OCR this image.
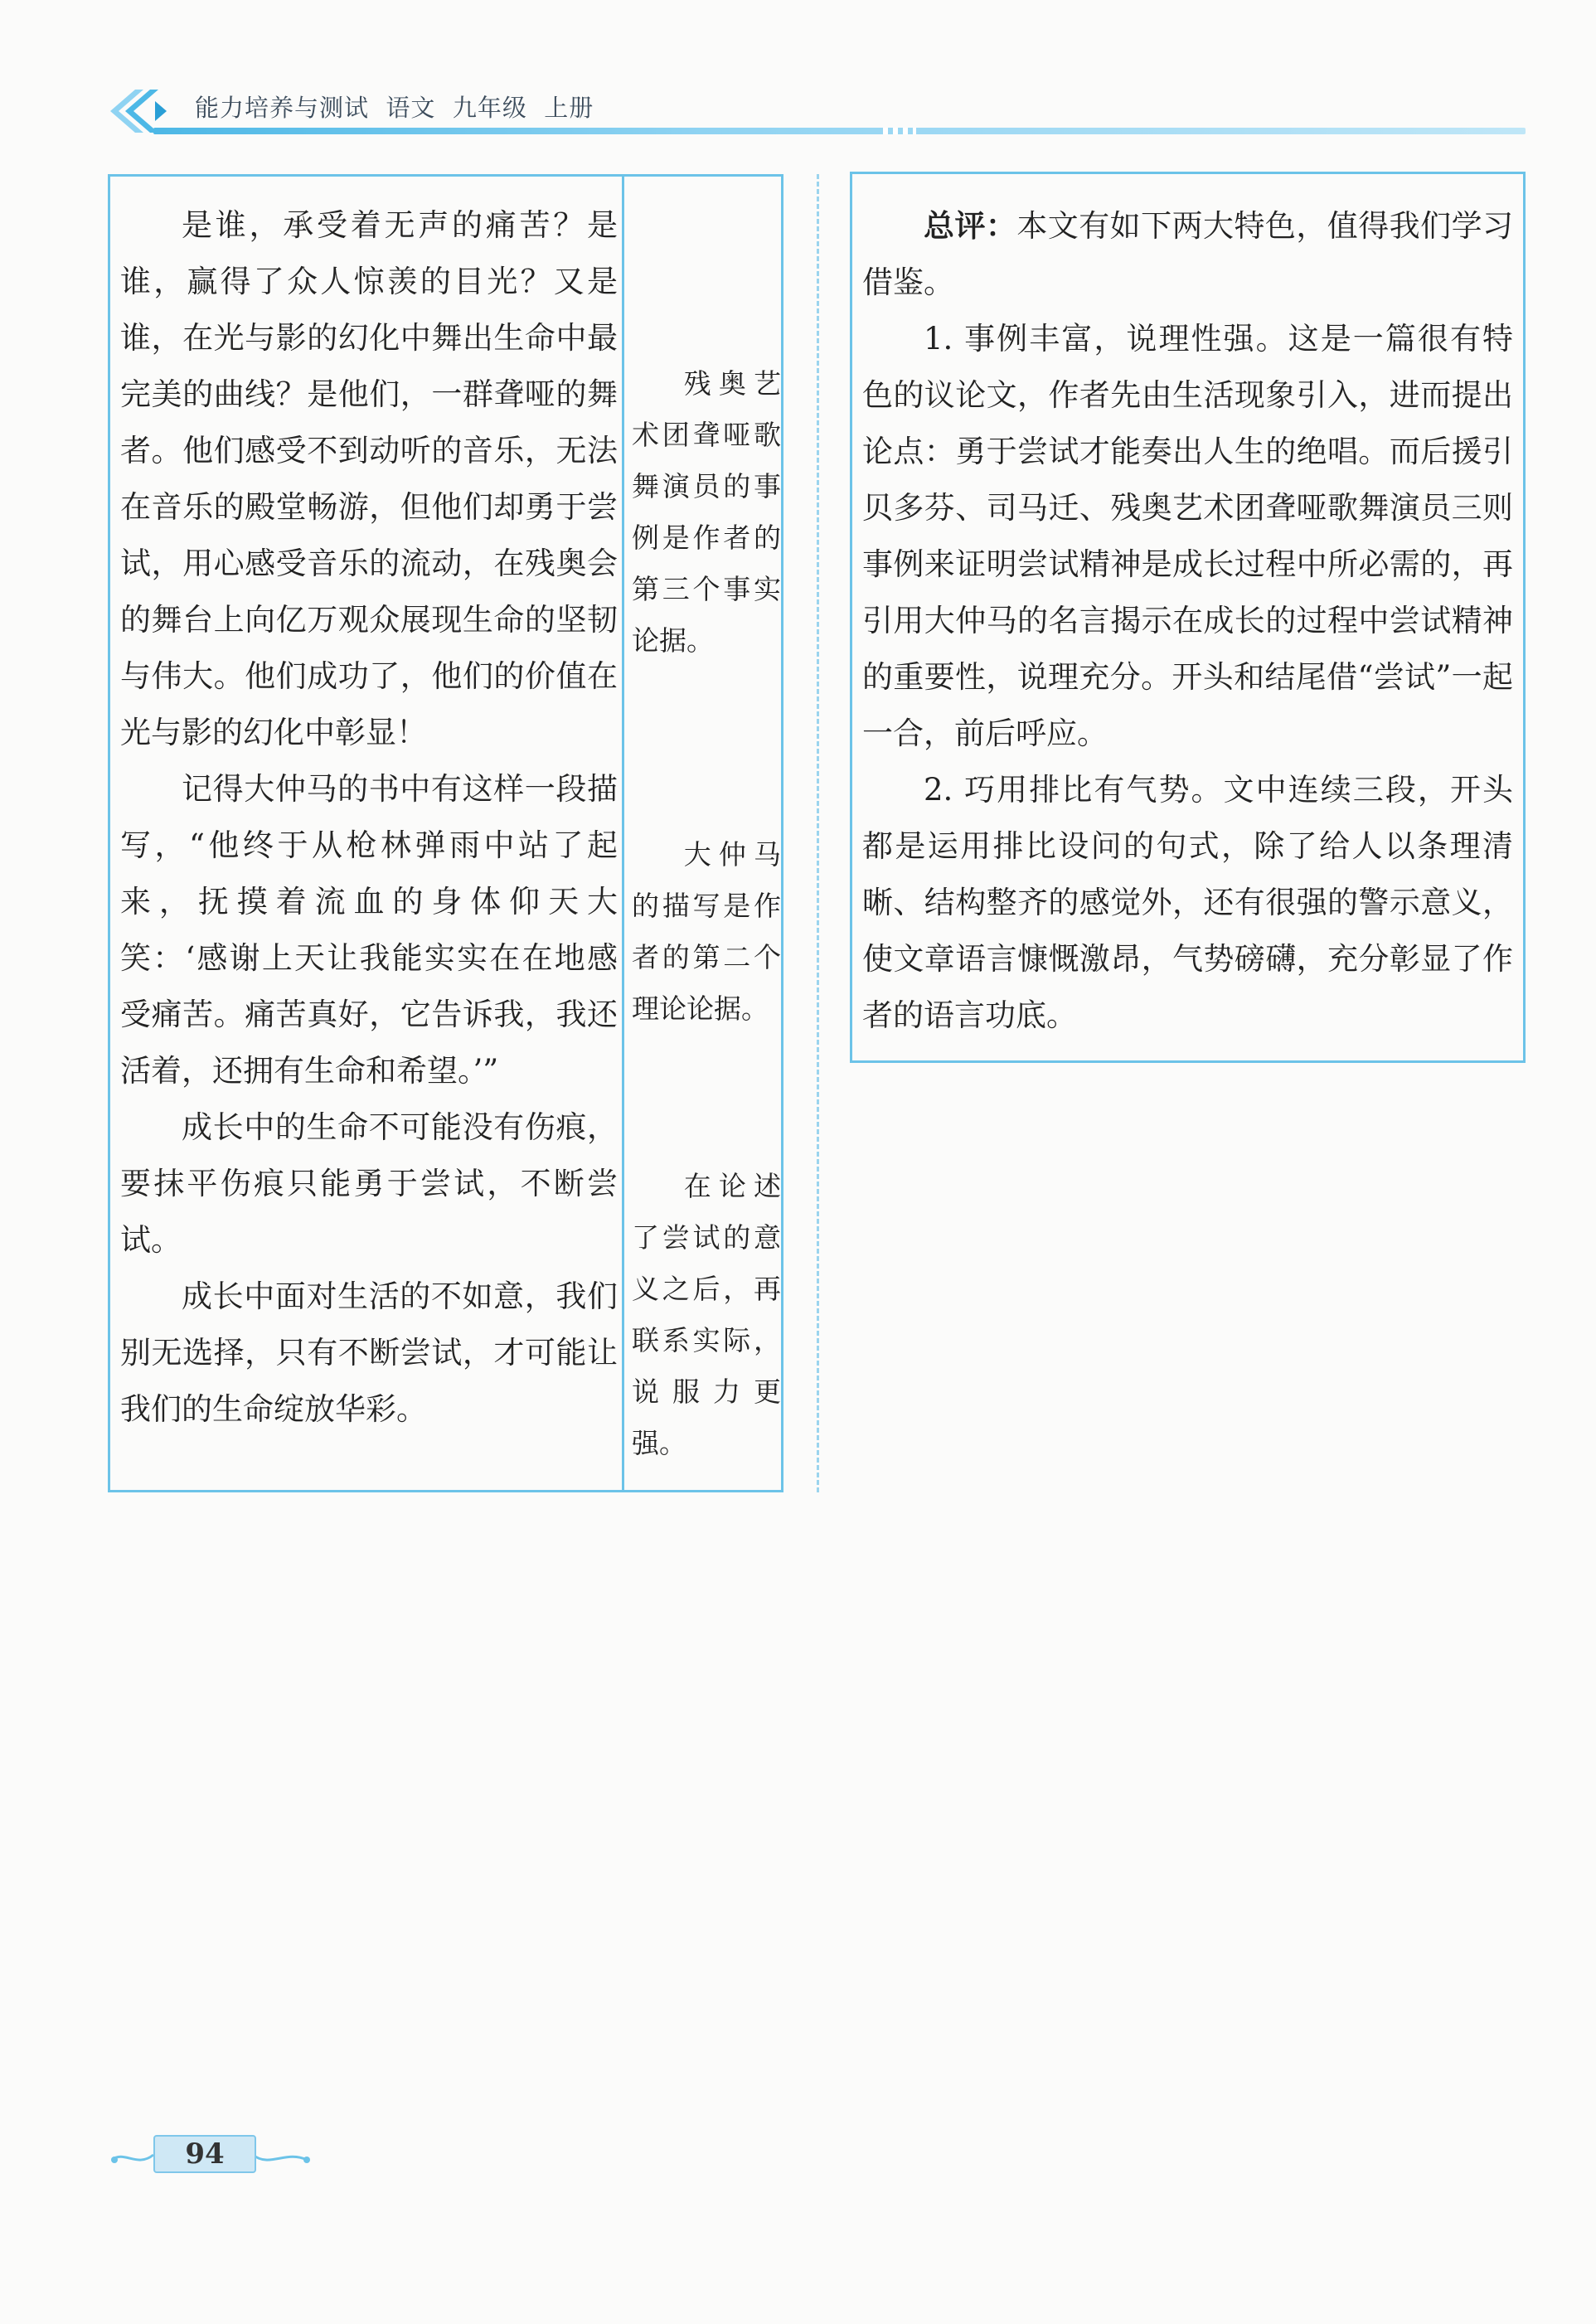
能力培养与测试  语文  九年级  上册

是谁，承受着无声的痛苦？是谁，赢得了众人惊羡的目光？又是谁，在光与影的幻化中舞出生命中最完美的曲线？是他们，一群聋哑的舞者。他们感受不到动听的音乐，无法在音乐的殿堂畅游，但他们却勇于尝试，用心感受音乐的流动，在残奥会的舞台上向亿万观众展现生命的坚韧与伟大。他们成功了，他们的价值在光与影的幻化中彰显！

记得大仲马的书中有这样一段描写，“他终于从枪林弹雨中站了起来，抚摸着流血的身体仰天大笑：‘感谢上天让我能实实在在地感受痛苦。痛苦真好，它告诉我，我还活着，还拥有生命和希望。’”

成长中的生命不可能没有伤痕，要抹平伤痕只能勇于尝试，不断尝试。

成长中面对生活的不如意，我们别无选择，只有不断尝试，才可能让我们的生命绽放华彩。

残奥艺术团聋哑歌舞演员的事例是作者的第三个事实论据。
大仲马的描写是作者的第二个理论论据。
在论述了尝试的意义之后，再联系实际，说服力更强。

总评：本文有如下两大特色，值得我们学习借鉴。

1. 事例丰富，说理性强。这是一篇很有特色的议论文，作者先由生活现象引入，进而提出论点：勇于尝试才能奏出人生的绝唱。而后援引贝多芬、司马迁、残奥艺术团聋哑歌舞演员三则事例来证明尝试精神是成长过程中所必需的，再引用大仲马的名言揭示在成长的过程中尝试精神的重要性，说理充分。开头和结尾借“尝试”一起一合，前后呼应。

2. 巧用排比有气势。文中连续三段，开头都是运用排比设问的句式，除了给人以条理清晰、结构整齐的感觉外，还有很强的警示意义，使文章语言慷慨激昂，气势磅礴，充分彰显了作者的语言功底。

94
